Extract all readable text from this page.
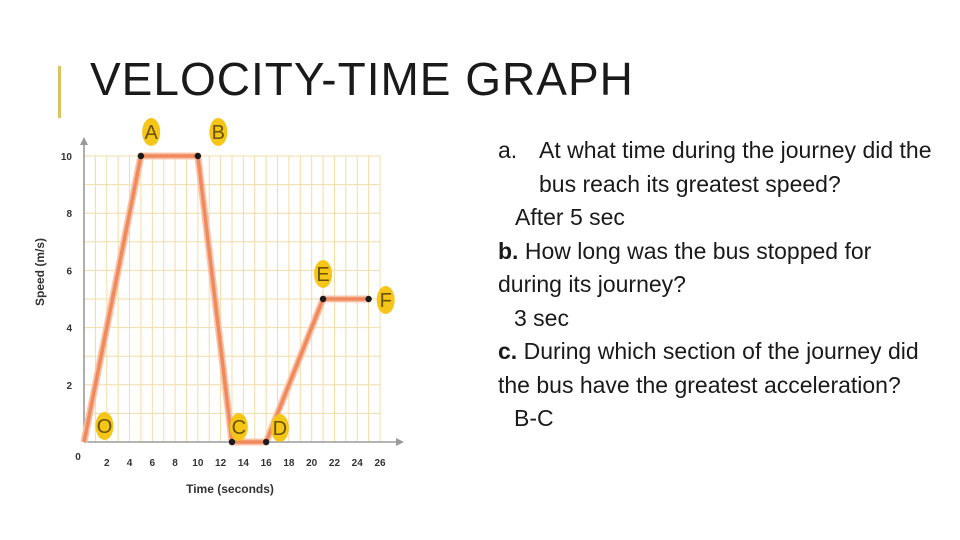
VELOCITY-TIME GRAPH
0
2 4 6 8 10 12 14 16 18 20 22 24 26
2
4
6
8
10
Time (seconds)
Speed (m/s)
O
A	B
C D
E
F
a. At what time during the journey did the bus reach its greatest speed?
After 5 sec
b. How long was the bus stopped for during its journey?
3 sec
c. During which section of the journey did the bus have the greatest acceleration?
B-C
